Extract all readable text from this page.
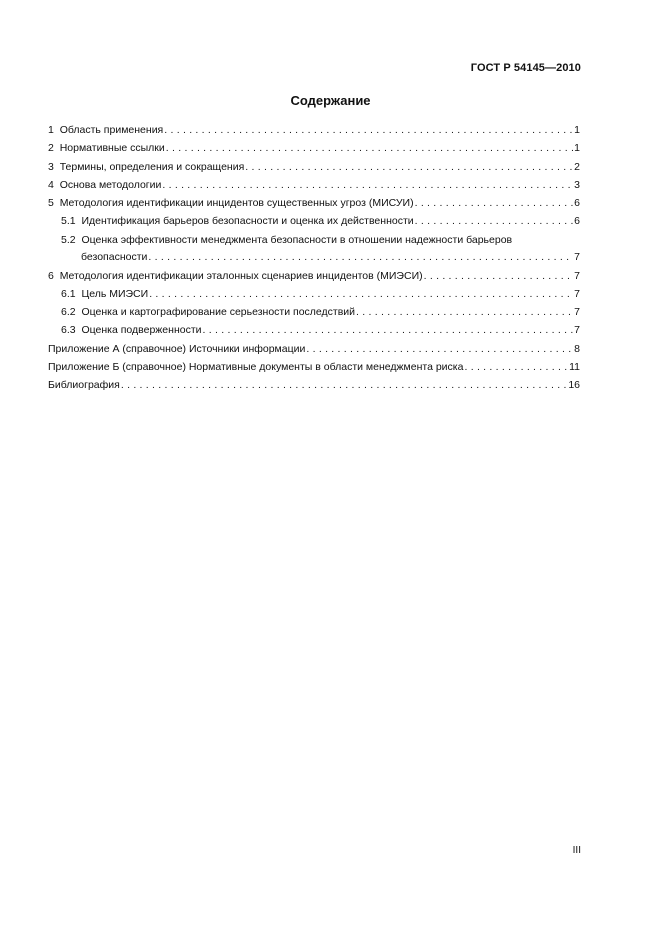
ГОСТ Р 54145—2010
Содержание
1 Область применения . . .	1
2 Нормативные ссылки . . .	1
3 Термины, определения и сокращения . . .	2
4 Основа методологии . . .	3
5 Методология идентификации инцидентов существенных угроз (МИСУИ) . . .	6
5.1 Идентификация барьеров безопасности и оценка их действенности . . .	6
5.2  Оценка эффективности менеджмента безопасности в отношении надежности барьеров
безопасности . . .	7
6 Методология идентификации эталонных сценариев инцидентов (МИЭСИ) . . .	7
6.1 Цель МИЭСИ . . .	7
6.2 Оценка и картографирование серьезности последствий . . .	7
6.3 Оценка подверженности . . .	7
Приложение А (справочное) Источники информации . . .	8
Приложение Б (справочное) Нормативные документы в области менеджмента риска . . .	11
Библиография . . .	16
III
